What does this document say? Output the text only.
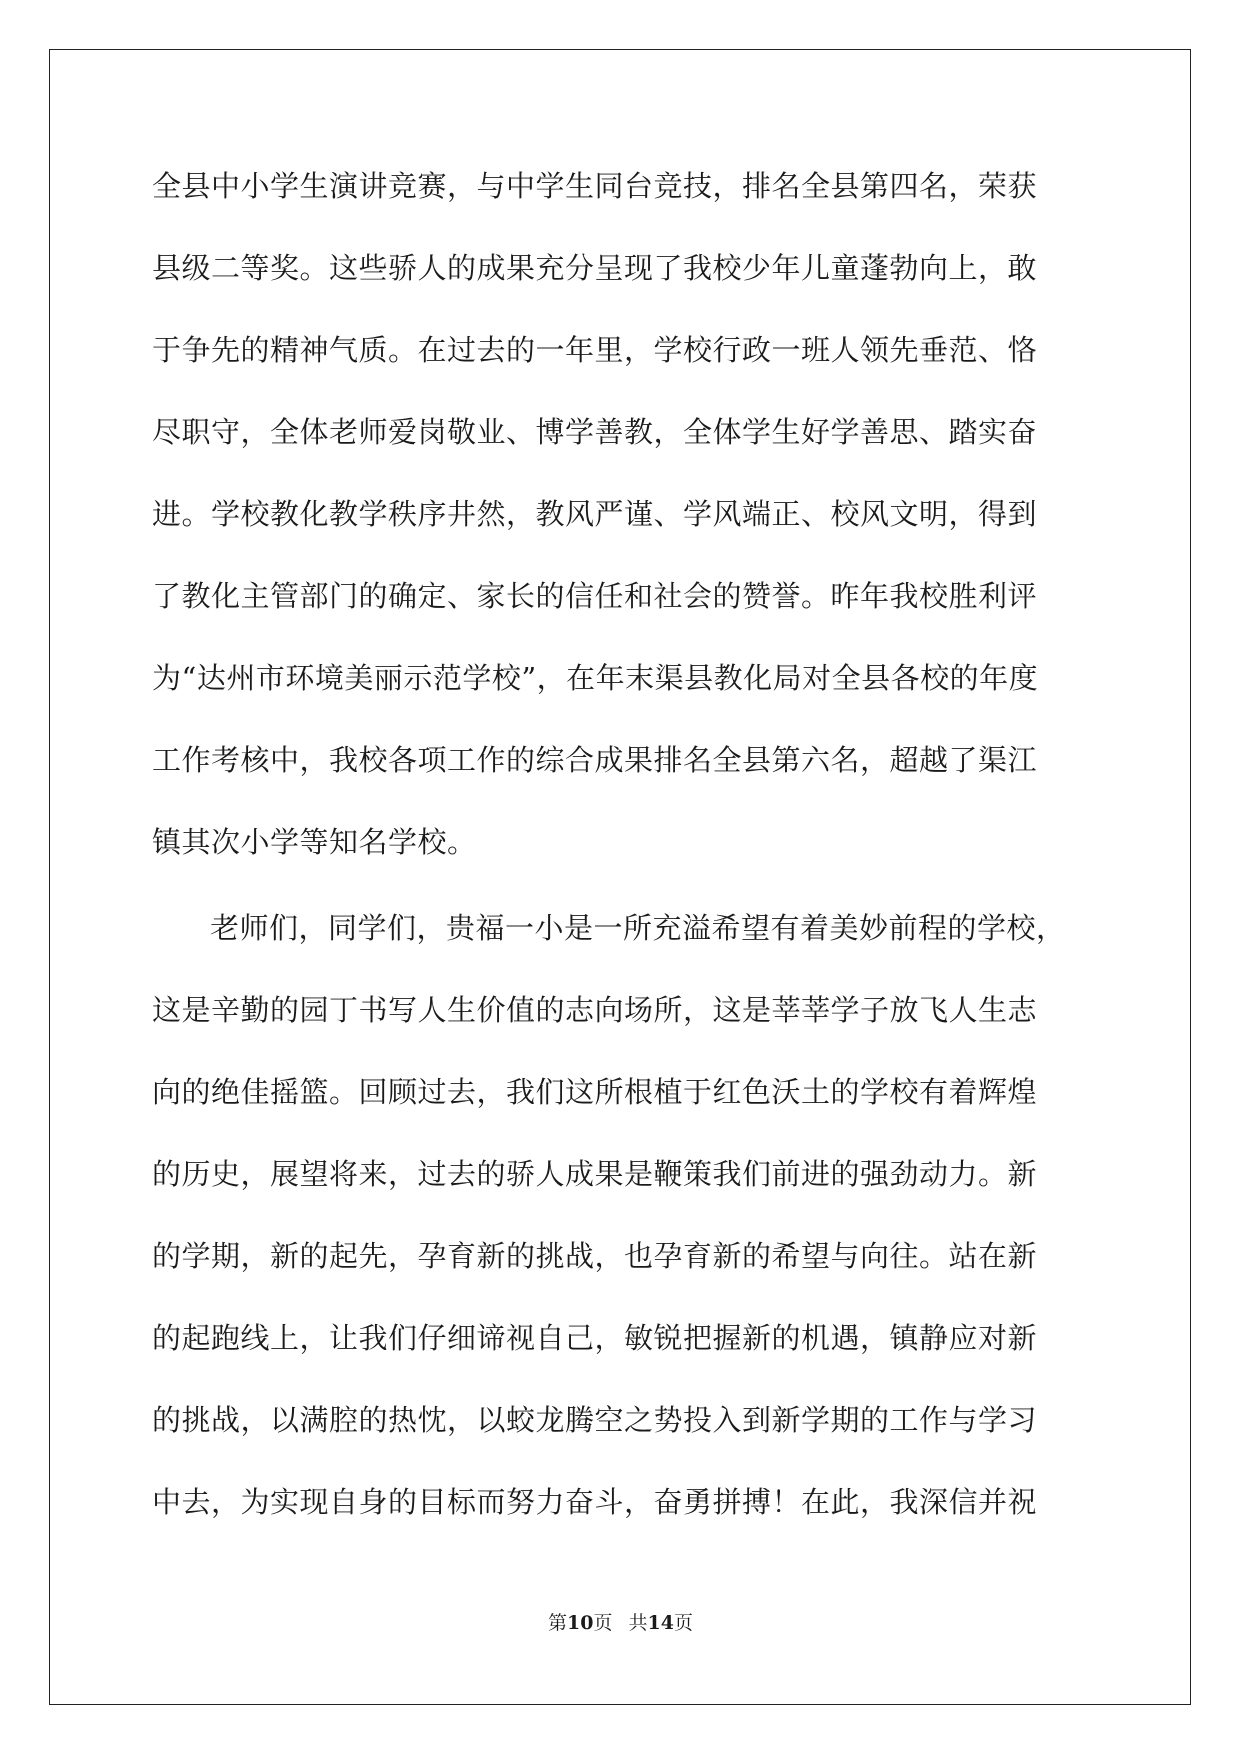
全县中小学生演讲竞赛，与中学生同台竞技，排名全县第四名，荣获
县级二等奖。这些骄人的成果充分呈现了我校少年儿童蓬勃向上，敢
于争先的精神气质。在过去的一年里，学校行政一班人领先垂范、恪
尽职守，全体老师爱岗敬业、博学善教，全体学生好学善思、踏实奋
进。学校教化教学秩序井然，教风严谨、学风端正、校风文明，得到
了教化主管部门的确定、家长的信任和社会的赞誉。昨年我校胜利评
为“达州市环境美丽示范学校”，在年末渠县教化局对全县各校的年度
工作考核中，我校各项工作的综合成果排名全县第六名，超越了渠江
镇其次小学等知名学校。
老师们，同学们，贵福一小是一所充溢希望有着美妙前程的学校，
这是辛勤的园丁书写人生价值的志向场所，这是莘莘学子放飞人生志
向的绝佳摇篮。回顾过去，我们这所根植于红色沃土的学校有着辉煌
的历史，展望将来，过去的骄人成果是鞭策我们前进的强劲动力。新
的学期，新的起先，孕育新的挑战，也孕育新的希望与向往。站在新
的起跑线上，让我们仔细谛视自己，敏锐把握新的机遇，镇静应对新
的挑战，以满腔的热忱，以蛟龙腾空之势投入到新学期的工作与学习
中去，为实现自身的目标而努力奋斗，奋勇拼搏！在此，我深信并祝
第10页 共14页
